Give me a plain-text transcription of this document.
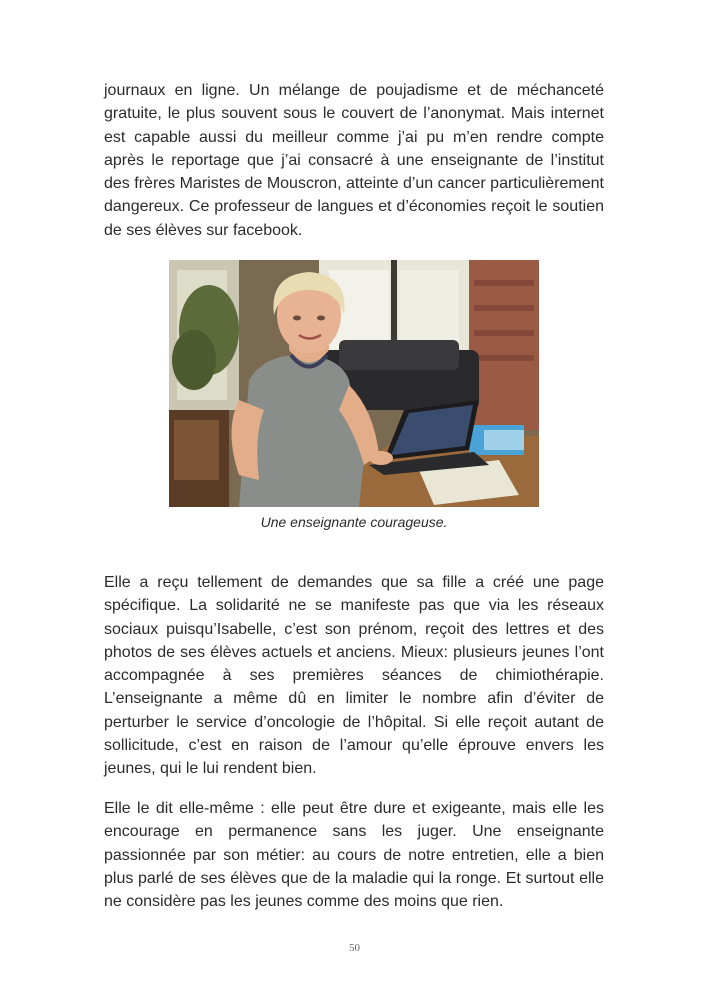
journaux en ligne. Un mélange de poujadisme et de méchanceté gratuite, le plus souvent sous le couvert de l’anonymat. Mais internet est capable aussi du meilleur comme j’ai pu m’en rendre compte après le reportage que j’ai consacré à une enseignante de l’institut des frères Maristes de Mouscron, atteinte d’un cancer particulièrement dangereux. Ce professeur de langues et d’économies reçoit le soutien de ses élèves sur facebook.

Une enseignante courageuse.

Elle a reçu tellement de demandes que sa fille a créé une page spécifique. La solidarité ne se manifeste pas que via les réseaux sociaux puisqu’Isabelle, c’est son prénom, reçoit des lettres et des photos de ses élèves actuels et anciens. Mieux: plusieurs jeunes l’ont accompagnée à ses premières séances de chimiothérapie. L’enseignante a même dû en limiter le nombre afin d’éviter de perturber le service d’oncologie de l’hôpital. Si elle reçoit autant de sollicitude, c’est en raison de l’amour qu’elle éprouve envers les jeunes, qui le lui rendent bien.

Elle le dit elle-même : elle peut être dure et exigeante, mais elle les encourage en permanence sans les juger. Une enseignante passionnée par son métier: au cours de notre entretien, elle a bien plus parlé de ses élèves que de la maladie qui la ronge. Et surtout elle ne considère pas les jeunes comme des moins que rien.

50
